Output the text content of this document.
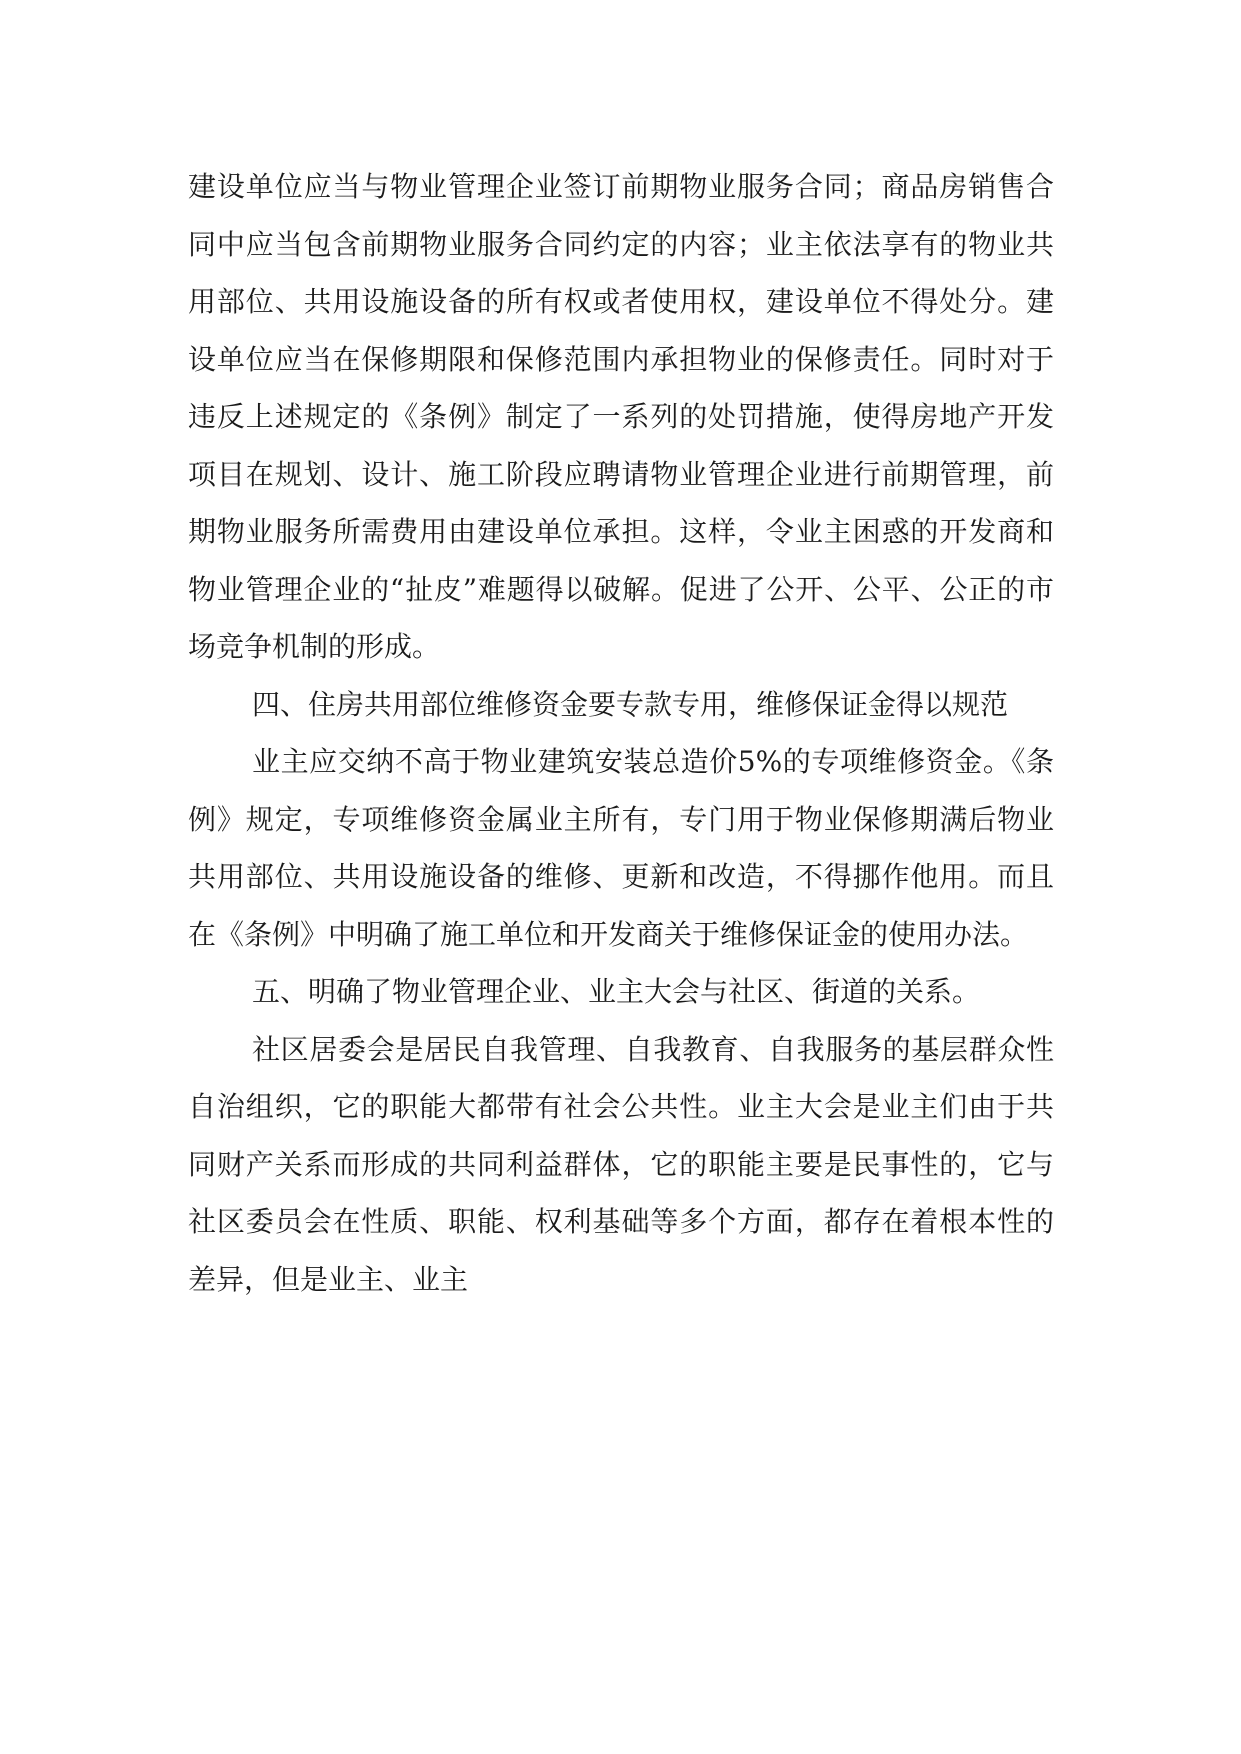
建设单位应当与物业管理企业签订前期物业服务合同；商品房销售合同中应当包含前期物业服务合同约定的内容；业主依法享有的物业共用部位、共用设施设备的所有权或者使用权，建设单位不得处分。建设单位应当在保修期限和保修范围内承担物业的保修责任。同时对于违反上述规定的《条例》制定了一系列的处罚措施，使得房地产开发项目在规划、设计、施工阶段应聘请物业管理企业进行前期管理，前期物业服务所需费用由建设单位承担。这样，令业主困惑的开发商和物业管理企业的“扯皮”难题得以破解。促进了公开、公平、公正的市场竞争机制的形成。

四、住房共用部位维修资金要专款专用，维修保证金得以规范

业主应交纳不高于物业建筑安装总造价5%的专项维修资金。《条例》规定，专项维修资金属业主所有，专门用于物业保修期满后物业共用部位、共用设施设备的维修、更新和改造，不得挪作他用。而且在《条例》中明确了施工单位和开发商关于维修保证金的使用办法。

五、明确了物业管理企业、业主大会与社区、街道的关系。

社区居委会是居民自我管理、自我教育、自我服务的基层群众性自治组织，它的职能大都带有社会公共性。业主大会是业主们由于共同财产关系而形成的共同利益群体，它的职能主要是民事性的，它与社区委员会在性质、职能、权利基础等多个方面，都存在着根本性的差异，但是业主、业主
